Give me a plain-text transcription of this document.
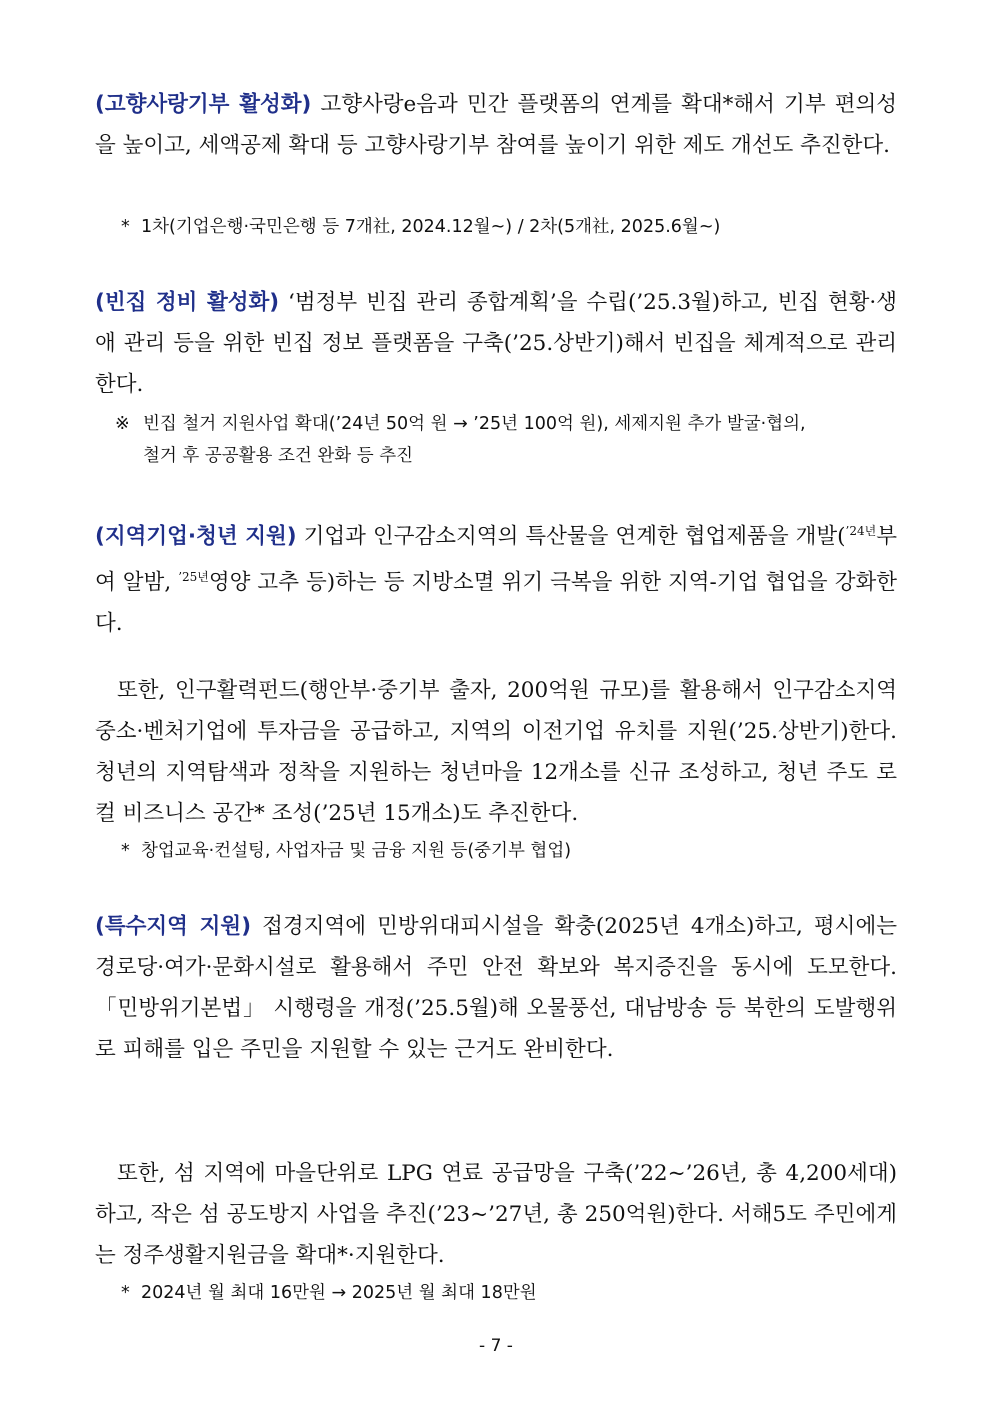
(고향사랑기부 활성화) 고향사랑e음과 민간 플랫폼의 연계를 확대*해서 기부 편의성을 높이고, 세액공제 확대 등 고향사랑기부 참여를 높이기 위한 제도 개선도 추진한다.

* 1차(기업은행·국민은행 등 7개社, 2024.12월~) / 2차(5개社, 2025.6월~)

(빈집 정비 활성화) ‘범정부 빈집 관리 종합계획’을 수립(’25.3월)하고, 빈집 현황·생애 관리 등을 위한 빈집 정보 플랫폼을 구축(’25.상반기)해서 빈집을 체계적으로 관리한다.

※ 빈집 철거 지원사업 확대(’24년 50억 원 → ’25년 100억 원), 세제지원 추가 발굴·협의,

철거 후 공공활용 조건 완화 등 추진

(지역기업·청년 지원) 기업과 인구감소지역의 특산물을 연계한 협업제품을 개발($^{’24년}$부여 알밤, $^{’25년}$영양 고추 등)하는 등 지방소멸 위기 극복을 위한 지역-기업 협업을 강화한다.

또한, 인구활력펀드(행안부·중기부 출자, 200억원 규모)를 활용해서 인구감소지역 중소·벤처기업에 투자금을 공급하고, 지역의 이전기업 유치를 지원(’25.상반기)한다. 청년의 지역탐색과 정착을 지원하는 청년마을 12개소를 신규 조성하고, 청년 주도 로컬 비즈니스 공간* 조성(’25년 15개소)도 추진한다.

* 창업교육·컨설팅, 사업자금 및 금융 지원 등(중기부 협업)

(특수지역 지원) 접경지역에 민방위대피시설을 확충(2025년 4개소)하고, 평시에는 경로당·여가·문화시설로 활용해서 주민 안전 확보와 복지증진을 동시에 도모한다. 「민방위기본법」 시행령을 개정(’25.5월)해 오물풍선, 대남방송 등 북한의 도발행위로 피해를 입은 주민을 지원할 수 있는 근거도 완비한다.

또한, 섬 지역에 마을단위로 LPG 연료 공급망을 구축(’22~’26년, 총 4,200세대)하고, 작은 섬 공도방지 사업을 추진(’23~’27년, 총 250억원)한다. 서해5도 주민에게는 정주생활지원금을 확대*·지원한다.

* 2024년 월 최대 16만원 → 2025년 월 최대 18만원

- 7 -
